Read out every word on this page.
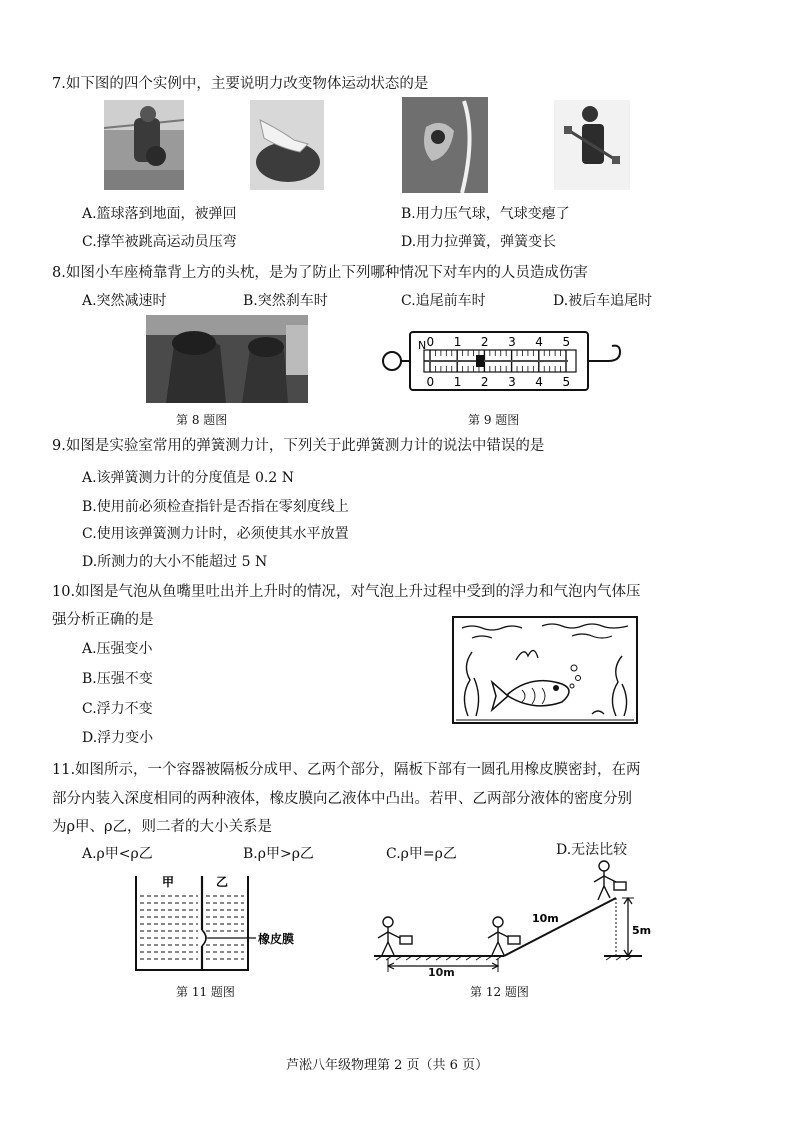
7.如下图的四个实例中，主要说明力改变物体运动状态的是
A.篮球落到地面，被弹回	B.用力压气球，气球变瘪了
C.撑竿被跳高运动员压弯	D.用力拉弹簧，弹簧变长
8.如图小车座椅靠背上方的头枕，是为了防止下列哪种情况下对车内的人员造成伤害
A.突然减速时	B.突然刹车时	C.追尾前车时	D.被后车追尾时
N 0 1 2 3 4 5
0 1 2 3 4 5
第 8 题图	第 9 题图
9.如图是实验室常用的弹簧测力计，下列关于此弹簧测力计的说法中错误的是
A.该弹簧测力计的分度值是 0.2 N
B.使用前必须检查指针是否指在零刻度线上
C.使用该弹簧测力计时，必须使其水平放置
D.所测力的大小不能超过 5 N
10.如图是气泡从鱼嘴里吐出并上升时的情况，对气泡上升过程中受到的浮力和气泡内气体压
强分析正确的是
A.压强变小
B.压强不变
C.浮力不变
D.浮力变小
11.如图所示，一个容器被隔板分成甲、乙两个部分，隔板下部有一圆孔用橡皮膜密封，在两
部分内装入深度相同的两种液体，橡皮膜向乙液体中凸出。若甲、乙两部分液体的密度分别
为ρ甲、ρ乙，则二者的大小关系是
A.ρ甲<ρ乙	B.ρ甲>ρ乙	C.ρ甲=ρ乙	D.无法比较
甲	乙
橡皮膜
10m
5m
10m
第 11 题图	第 12 题图
芦淞八年级物理第 2 页（共 6 页）
